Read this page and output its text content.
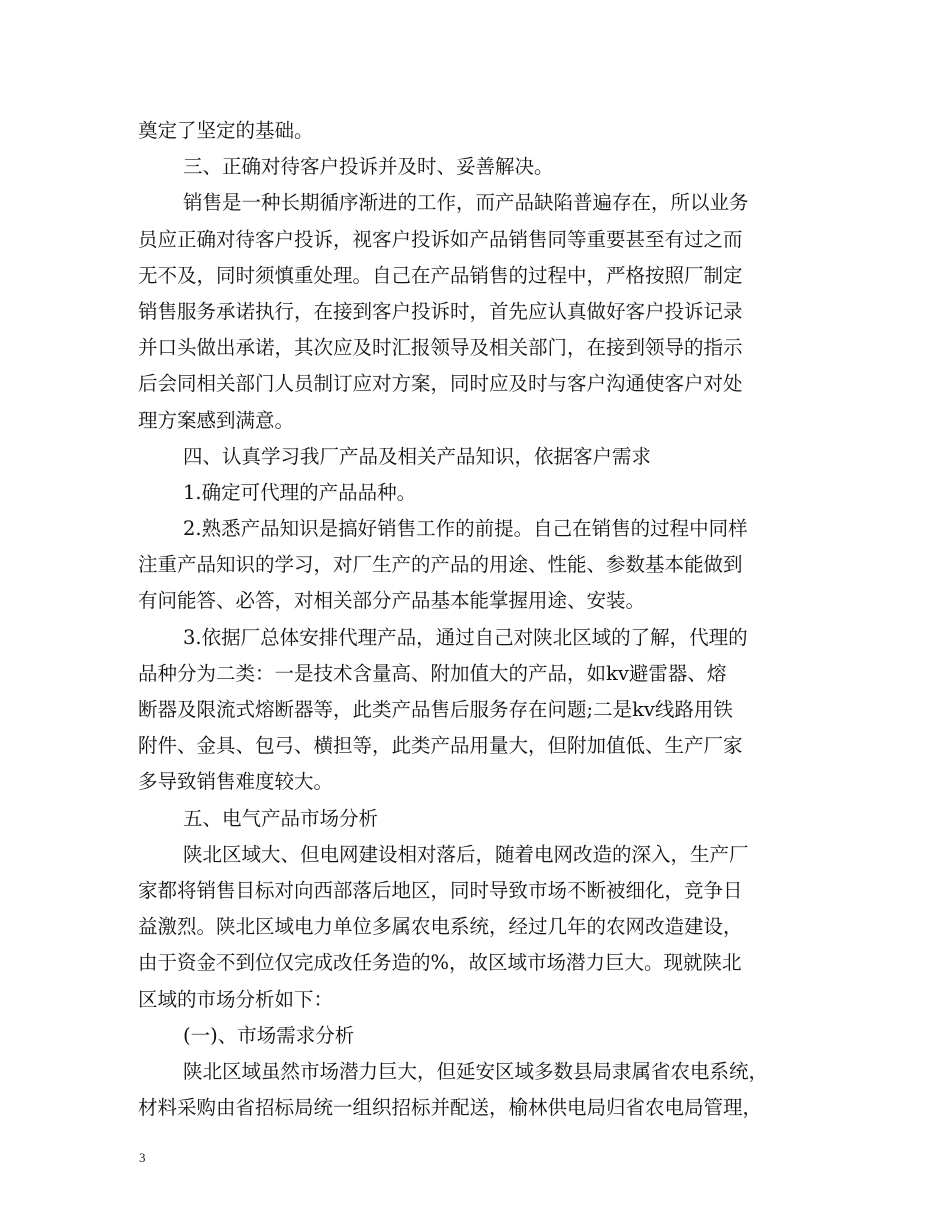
奠定了坚定的基础。
三、正确对待客户投诉并及时、妥善解决。
销售是一种长期循序渐进的工作，而产品缺陷普遍存在，所以业务
员应正确对待客户投诉，视客户投诉如产品销售同等重要甚至有过之而
无不及，同时须慎重处理。自己在产品销售的过程中，严格按照厂制定
销售服务承诺执行，在接到客户投诉时，首先应认真做好客户投诉记录
并口头做出承诺，其次应及时汇报领导及相关部门，在接到领导的指示
后会同相关部门人员制订应对方案，同时应及时与客户沟通使客户对处
理方案感到满意。
四、认真学习我厂产品及相关产品知识，依据客户需求
1.确定可代理的产品品种。
2.熟悉产品知识是搞好销售工作的前提。自己在销售的过程中同样
注重产品知识的学习，对厂生产的产品的用途、性能、参数基本能做到
有问能答、必答，对相关部分产品基本能掌握用途、安装。
3.依据厂总体安排代理产品，通过自己对陕北区域的了解，代理的
品种分为二类：一是技术含量高、附加值大的产品，如kv避雷器、熔
断器及限流式熔断器等，此类产品售后服务存在问题;二是kv线路用铁
附件、金具、包弓、横担等，此类产品用量大，但附加值低、生产厂家
多导致销售难度较大。
五、电气产品市场分析
陕北区域大、但电网建设相对落后，随着电网改造的深入，生产厂
家都将销售目标对向西部落后地区，同时导致市场不断被细化，竞争日
益激烈。陕北区域电力单位多属农电系统，经过几年的农网改造建设，
由于资金不到位仅完成改任务造的%，故区域市场潜力巨大。现就陕北
区域的市场分析如下：
(一)、市场需求分析
陕北区域虽然市场潜力巨大，但延安区域多数县局隶属省农电系统，
材料采购由省招标局统一组织招标并配送，榆林供电局归省农电局管理，
3
